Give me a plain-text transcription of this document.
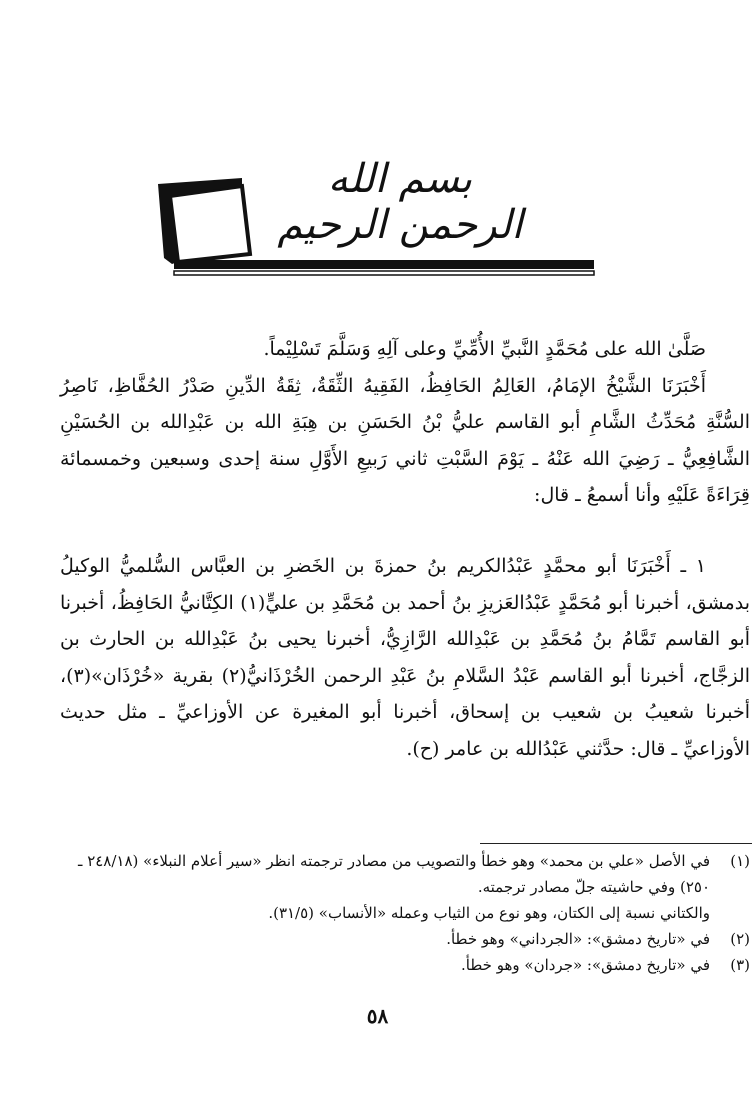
بسم الله الرحمن الرحيم

صَلَّىٰ الله على مُحَمَّدٍ النَّبيِّ الأُمِّيِّ وعلى آلِهِ وَسَلَّمَ تَسْلِيْماً.

أَخْبَرَنَا الشَّيْخُ الإمَامُ، العَالِمُ الحَافِظُ، الفَقِيهُ الثِّقَةُ، ثِقَةُ الدِّينِ صَدْرُ الحُفَّاظِ، نَاصِرُ السُّنَّةِ مُحَدِّثُ الشَّامِ أبو القاسم عليُّ بْنُ الحَسَنِ بن هِبَةِ الله بن عَبْدِالله بن الحُسَيْنِ الشَّافِعِيُّ ـ رَضِيَ الله عَنْهُ ـ يَوْمَ السَّبْتِ ثاني رَبيعِ الأَوَّلِ سنة إحدى وسبعين وخمسمائة قِرَاءَةً عَلَيْهِ وأنا أسمعُ ـ قال:

١ ـ أَخْبَرَنَا أبو محمَّدٍ عَبْدُالكريم بنُ حمزةَ بن الخَضرِ بن العبَّاس السُّلميُّ الوكيلُ بدمشق، أخبرنا أبو مُحَمَّدٍ عَبْدُالعَزيزِ بنُ أحمد بن مُحَمَّدِ بن عليٍّ(١) الكِتَّانيُّ الحَافِظُ، أخبرنا أبو القاسم تَمَّامُ بنُ مُحَمَّدِ بن عَبْدِالله الرَّازِيُّ، أخبرنا يحيى بنُ عَبْدِالله بن الحارث بن الزجَّاج، أخبرنا أبو القاسم عَبْدُ السَّلامِ بنُ عَبْدِ الرحمن الخُرْذَانيُّ(٢) بقرية «خُرْذَان»(٣)، أخبرنا شعيبُ بن شعيب بن إسحاق، أخبرنا أبو المغيرة عن الأوزاعيِّ ـ مثل حديث الأوزاعيِّ ـ قال: حدَّثني عَبْدُالله بن عامر (ح).

(١)
في الأصل «علي بن محمد» وهو خطأ والتصويب من مصادر ترجمته انظر «سير أعلام النبلاء» (٢٤٨/١٨ ـ ٢٥٠) وفي حاشيته جلّ مصادر ترجمته.
والكتاني نسبة إلى الكتان، وهو نوع من الثياب وعمله «الأنساب» (٣١/٥).
(٢)
في «تاريخ دمشق»: «الجرداني» وهو خطأ.
(٣)
في «تاريخ دمشق»: «جردان» وهو خطأ.
٥٨
